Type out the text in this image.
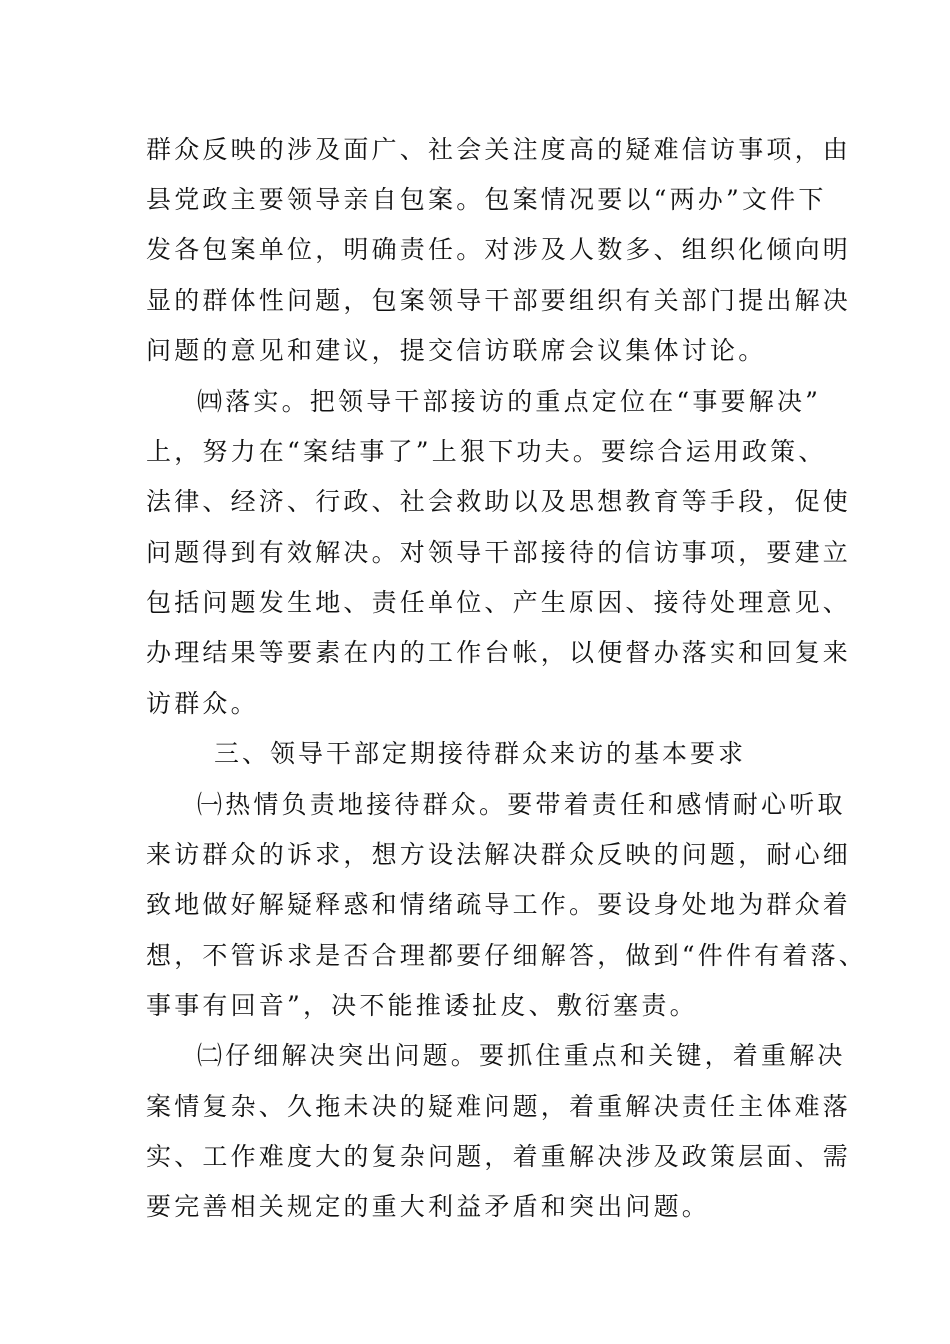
群众反映的涉及面广、社会关注度高的疑难信访事项，由
县党政主要领导亲自包案。包案情况要以“两办”文件下
发各包案单位，明确责任。对涉及人数多、组织化倾向明
显的群体性问题，包案领导干部要组织有关部门提出解决
问题的意见和建议，提交信访联席会议集体讨论。
㈣落实。把领导干部接访的重点定位在“事要解决”
上，努力在“案结事了”上狠下功夫。要综合运用政策、
法律、经济、行政、社会救助以及思想教育等手段，促使
问题得到有效解决。对领导干部接待的信访事项，要建立
包括问题发生地、责任单位、产生原因、接待处理意见、
办理结果等要素在内的工作台帐，以便督办落实和回复来
访群众。
三、领导干部定期接待群众来访的基本要求
㈠热情负责地接待群众。要带着责任和感情耐心听取
来访群众的诉求，想方设法解决群众反映的问题，耐心细
致地做好解疑释惑和情绪疏导工作。要设身处地为群众着
想，不管诉求是否合理都要仔细解答，做到“件件有着落、
事事有回音”，决不能推诿扯皮、敷衍塞责。
㈡仔细解决突出问题。要抓住重点和关键，着重解决
案情复杂、久拖未决的疑难问题，着重解决责任主体难落
实、工作难度大的复杂问题，着重解决涉及政策层面、需
要完善相关规定的重大利益矛盾和突出问题。
